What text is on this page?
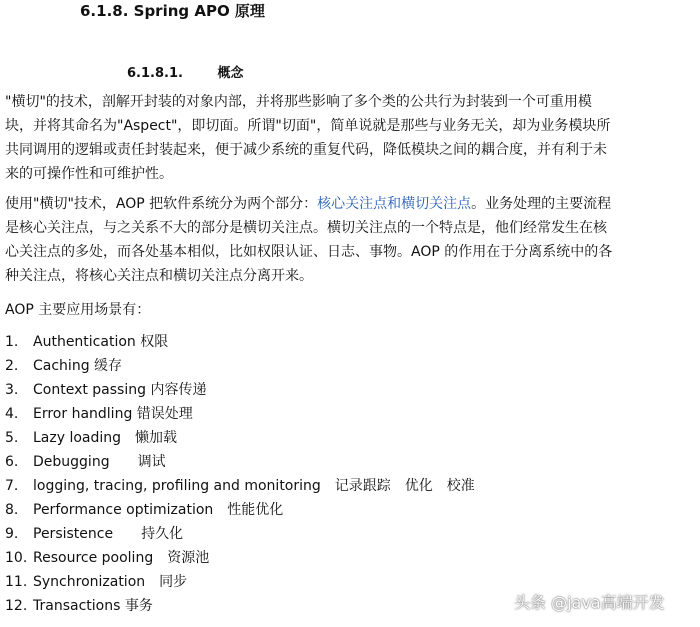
6.1.8. Spring APO 原理
6.1.8.1.	概念

"横切"的技术，剖解开封装的对象内部，并将那些影响了多个类的公共行为封装到一个可重用模块，并将其命名为"Aspect"，即切面。所谓"切面"，简单说就是那些与业务无关，却为业务模块所共同调用的逻辑或责任封装起来，便于减少系统的重复代码，降低模块之间的耦合度，并有利于未来的可操作性和可维护性。

使用"横切"技术，AOP 把软件系统分为两个部分：核心关注点和横切关注点。业务处理的主要流程是核心关注点，与之关系不大的部分是横切关注点。横切关注点的一个特点是，他们经常发生在核心关注点的多处，而各处基本相似，比如权限认证、日志、事物。AOP 的作用在于分离系统中的各种关注点，将核心关注点和横切关注点分离开来。

AOP 主要应用场景有：
1. Authentication 权限
2. Caching 缓存
3. Context passing 内容传递
4. Error handling 错误处理
5. Lazy loading　懒加载
6. Debugging　　调试
7. logging, tracing, profiling and monitoring　记录跟踪　优化　校准
8. Performance optimization　性能优化
9. Persistence　　持久化
10. Resource pooling　资源池
11. Synchronization　同步
12. Transactions 事务	头条 @java高端开发
